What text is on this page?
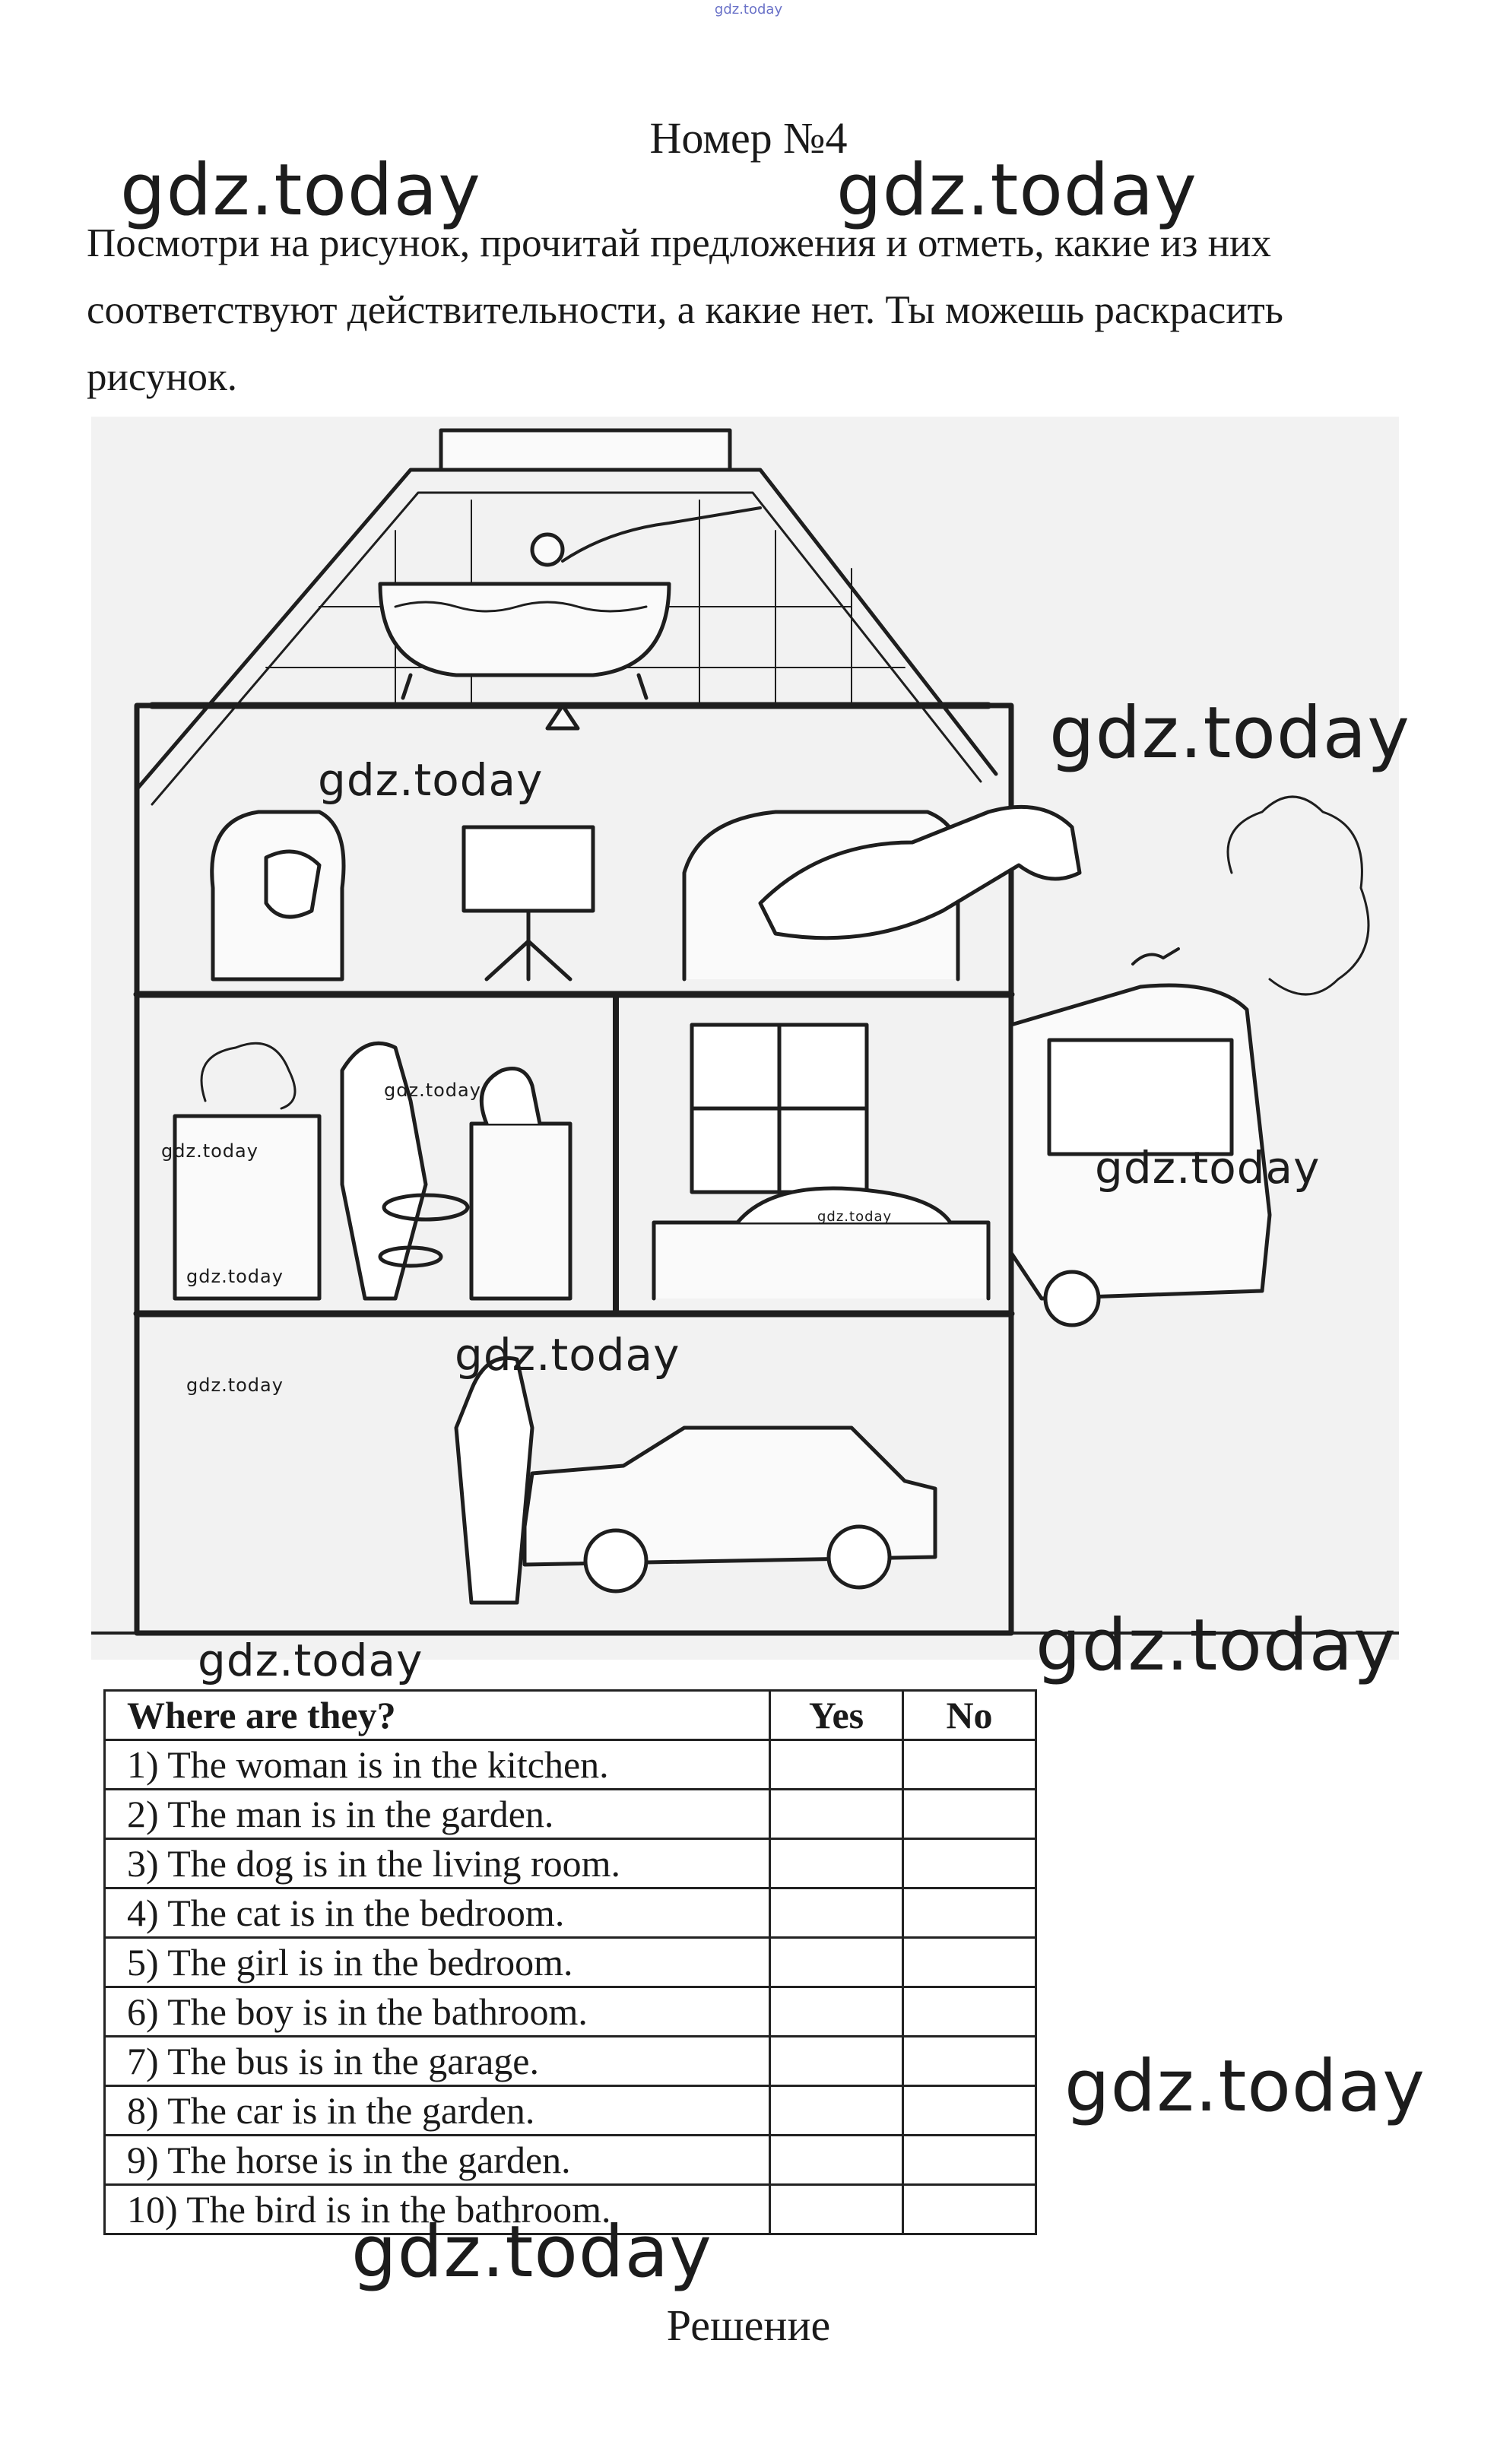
gdz.today
Номер №4

Посмотри на рисунок, прочитай предложения и отметь, какие из них соответствуют действительности, а какие нет. Ты можешь раскрасить рисунок.

Where are they?	Yes	No
1) The woman is in the kitchen.		
2) The man is in the garden.		
3) The dog is in the living room.		
4) The cat is in the bedroom.		
5) The girl is in the bedroom.		
6) The boy is in the bathroom.		
7) The bus is in the garage.		
8) The car is in the garden.		
9) The horse is in the garden.		
10) The bird is in the bathroom.		
Решение
gdz.today	gdz.today
gdz.today
gdz.today
gdz.today
gdz.today	gdz.today
gdz.today
gdz.today
gdz.today
gdz.today
gdz.today
gdz.today
gdz.today
gdz.today
